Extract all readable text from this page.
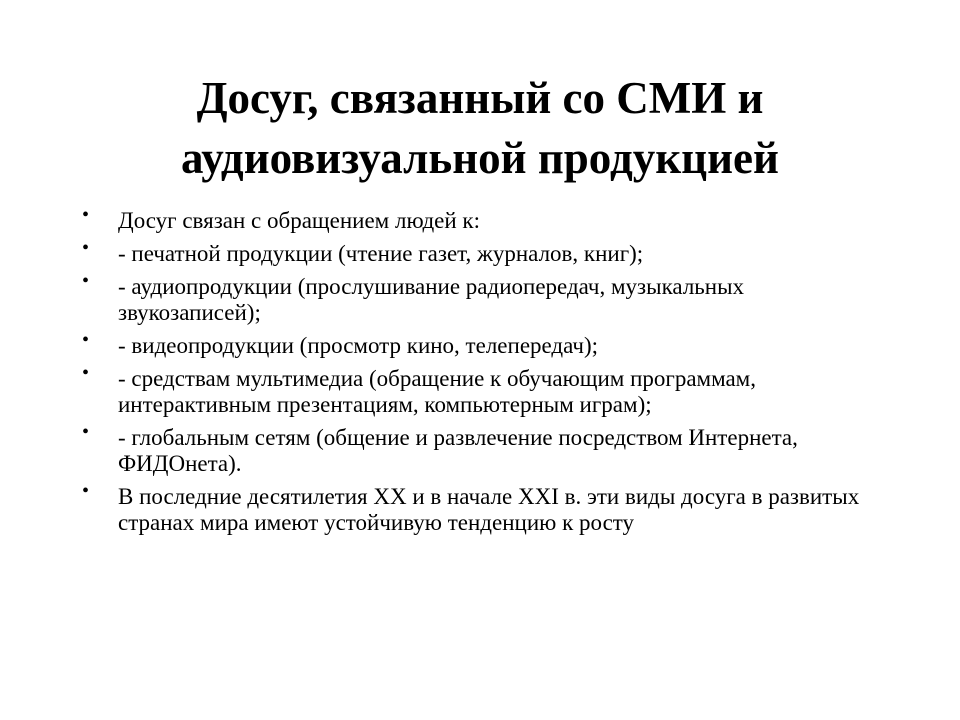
Досуг, связанный со СМИ и
аудиовизуальной продукцией
• Досуг связан с обращением людей к:
• - печатной продукции (чтение газет, журналов, книг);
• - аудиопродукции (прослушивание радиопередач, музыкальных звукозаписей);
• - видеопродукции (просмотр кино, телепередач);
• - средствам мультимедиа (обращение к обучающим программам, интерактивным презентациям, компьютерным играм);
• - глобальным сетям (общение и развлечение посредством Интернета, ФИДОнета).
• В последние десятилетия XX и в начале XXI в. эти виды досуга в развитых странах мира имеют устойчивую тенденцию к росту
